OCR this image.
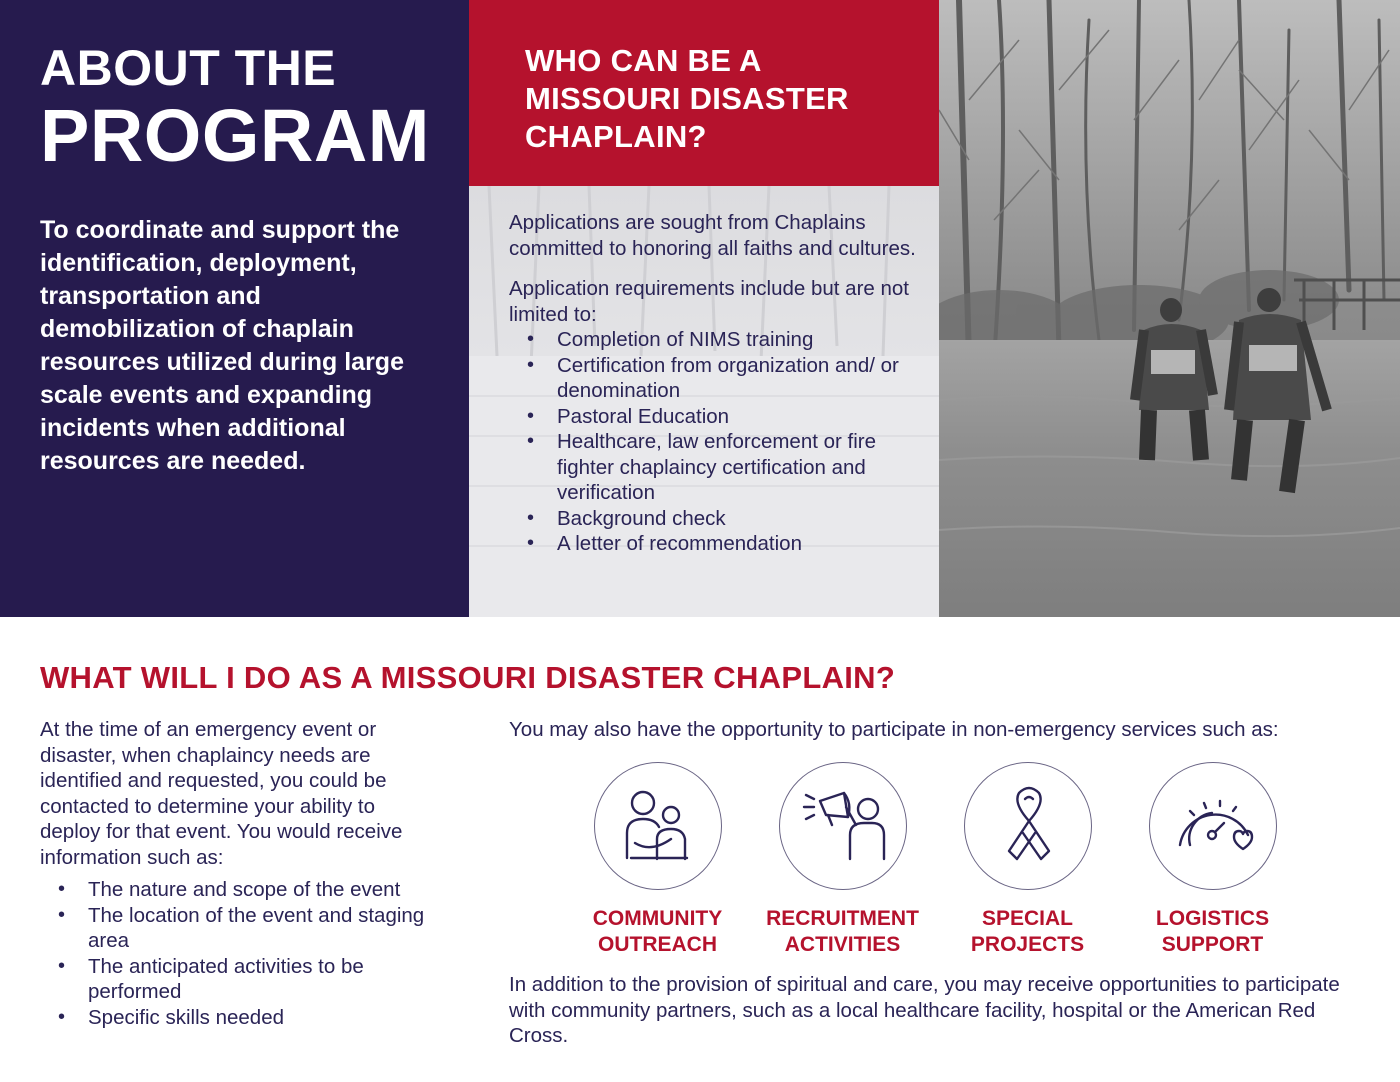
ABOUT THE
PROGRAM

To coordinate and support the identification, deployment, transportation and demobilization of chaplain resources utilized during large scale events and expanding incidents when additional resources are needed.

WHO CAN BE A MISSOURI DISASTER CHAPLAIN?

Applications are sought from Chaplains committed to honoring all faiths and cultures.

Application requirements include but are not limited to:

• Completion of NIMS training
• Certification from organization and/ or denomination
• Pastoral Education
• Healthcare, law enforcement or fire fighter chaplaincy certification and verification
• Background check
• A letter of recommendation
WHAT WILL I DO AS A MISSOURI DISASTER CHAPLAIN?

At the time of an emergency event or disaster, when chaplaincy needs are identified and requested, you could be contacted to determine your ability to deploy for that event. You would receive information such as:

• The nature and scope of the event
• The location of the event and staging area
• The anticipated activities to be performed
• Specific skills needed

You may also have the opportunity to participate in non-emergency services such as:

COMMUNITY
OUTREACH
RECRUITMENT
ACTIVITIES
SPECIAL
PROJECTS
LOGISTICS
SUPPORT

In addition to the provision of spiritual and care, you may receive opportunities to participate with community partners, such as a local healthcare facility, hospital or the American Red Cross.
